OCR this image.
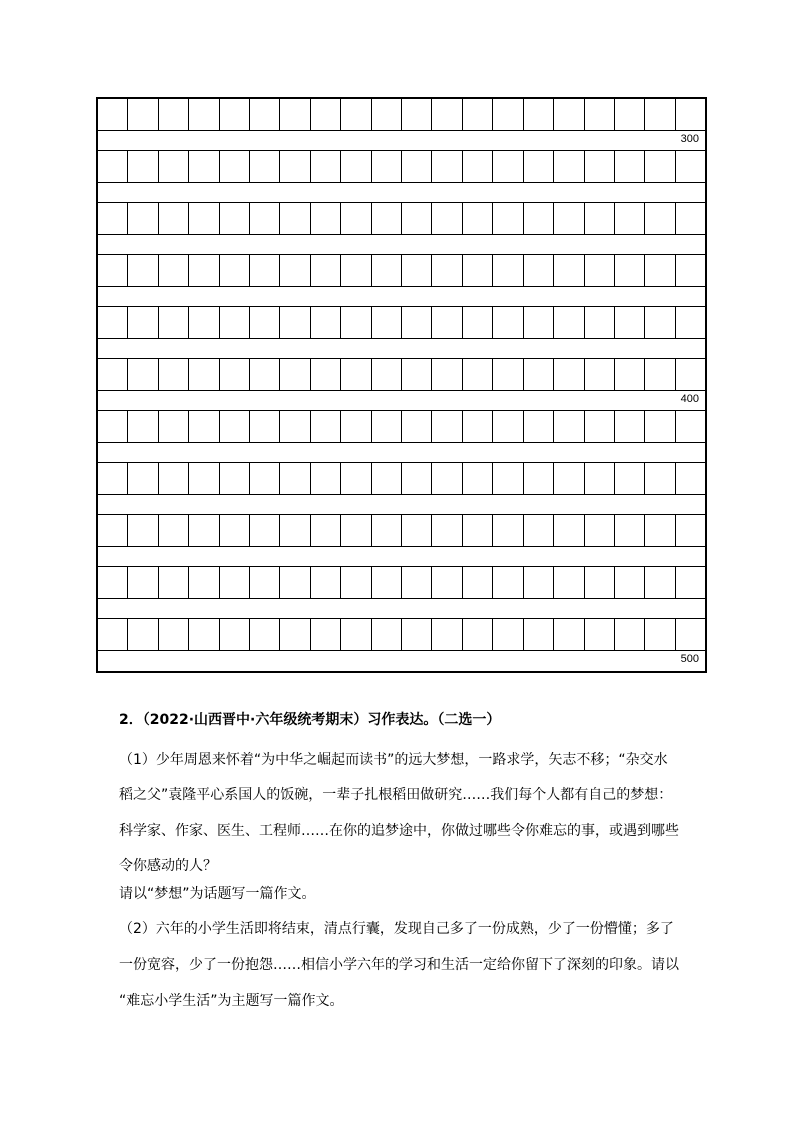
300
400
500

2．（2022·山西晋中·六年级统考期末）习作表达。（二选一）

（1）少年周恩来怀着“为中华之崛起而读书”的远大梦想，一路求学，矢志不移；“杂交水

稻之父”袁隆平心系国人的饭碗，一辈子扎根稻田做研究……我们每个人都有自己的梦想：

科学家、作家、医生、工程师……在你的追梦途中，你做过哪些令你难忘的事，或遇到哪些

令你感动的人？

请以“梦想”为话题写一篇作文。

（2）六年的小学生活即将结束，清点行囊，发现自己多了一份成熟，少了一份懵懂；多了

一份宽容，少了一份抱怨……相信小学六年的学习和生活一定给你留下了深刻的印象。请以

“难忘小学生活”为主题写一篇作文。
